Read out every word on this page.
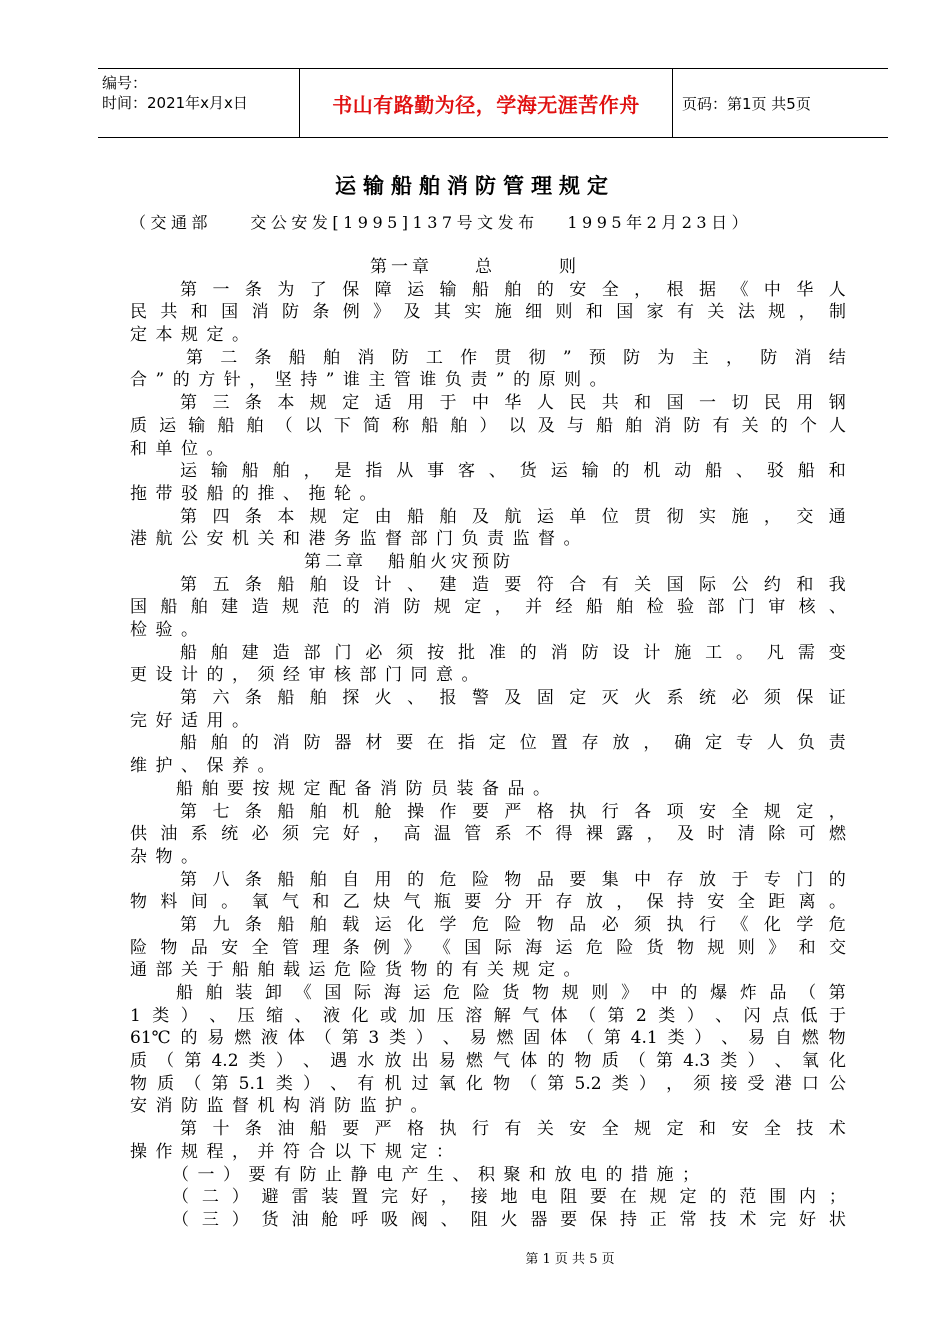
编号：
时间：2021年x月x日	书山有路勤为径，学海无涯苦作舟	页码：第1页 共5页
运输船舶消防管理规定
（交通部    交公安发[1995]137号文发布   1995年2月23日）
第一章　　总　　　则
第 一 条 为 了 保 障 运 输 船 舶 的 安 全 ， 根 据 《 中 华 人
民 共 和 国 消 防 条 例 》 及 其 实 施 细 则 和 国 家 有 关 法 规 ， 制
定本规定。
第 二 条 船 舶 消 防 工 作 贯 彻 ” 预 防 为 主 ， 防 消 结
合”的方针，坚持”谁主管谁负责”的原则。
第 三 条 本 规 定 适 用 于 中 华 人 民 共 和 国 一 切 民 用 钢
质 运 输 船 舶 （ 以 下 简 称 船 舶 ） 以 及 与 船 舶 消 防 有 关 的 个 人
和单位。
运 输 船 舶 ， 是 指 从 事 客 、 货 运 输 的 机 动 船 、 驳 船 和
拖带驳船的推、拖轮。
第 四 条 本 规 定 由 船 舶 及 航 运 单 位 贯 彻 实 施 ， 交 通
港航公安机关和港务监督部门负责监督。
第二章　船舶火灾预防
第 五 条 船 舶 设 计 、 建 造 要 符 合 有 关 国 际 公 约 和 我
国 船 舶 建 造 规 范 的 消 防 规 定 ， 并 经 船 舶 检 验 部 门 审 核 、
检验。
船 舶 建 造 部 门 必 须 按 批 准 的 消 防 设 计 施 工 。 凡 需 变
更设计的，须经审核部门同意。
第 六 条 船 舶 探 火 、 报 警 及 固 定 灭 火 系 统 必 须 保 证
完好适用。
船 舶 的 消 防 器 材 要 在 指 定 位 置 存 放 ， 确 定 专 人 负 责
维护、保养。
船舶要按规定配备消防员装备品。
第 七 条 船 舶 机 舱 操 作 要 严 格 执 行 各 项 安 全 规 定 ，
供 油 系 统 必 须 完 好 ， 高 温 管 系 不 得 裸 露 ， 及 时 清 除 可 燃
杂物。
第 八 条 船 舶 自 用 的 危 险 物 品 要 集 中 存 放 于 专 门 的
物 料 间 。 氧 气 和 乙 炔 气 瓶 要 分 开 存 放 ， 保 持 安 全 距 离 。
第 九 条 船 舶 载 运 化 学 危 险 物 品 必 须 执 行 《 化 学 危
险 物 品 安 全 管 理 条 例 》 《 国 际 海 运 危 险 货 物 规 则 》 和 交
通部关于船舶载运危险货物的有关规定。
船 舶 装 卸 《 国 际 海 运 危 险 货 物 规 则 》 中 的 爆 炸 品 （ 第
1 类 ） 、 压 缩 、 液 化 或 加 压 溶 解 气 体 （ 第 2 类 ） 、 闪 点 低 于
61℃ 的 易 燃 液 体 （ 第 3 类 ） 、 易 燃 固 体 （ 第 4.1 类 ） 、 易 自 燃 物
质 （ 第 4.2 类 ） 、 遇 水 放 出 易 燃 气 体 的 物 质 （ 第 4.3 类 ） 、 氧 化
物 质 （ 第 5.1 类 ） 、 有 机 过 氧 化 物 （ 第 5.2 类 ） ， 须 接 受 港 口 公
安消防监督机构消防监护。
第 十 条 油 船 要 严 格 执 行 有 关 安 全 规 定 和 安 全 技 术
操作规程，并符合以下规定：
（一）要有防止静电产生、积聚和放电的措施；
（ 二 ） 避 雷 装 置 完 好 ， 接 地 电 阻 要 在 规 定 的 范 围 内 ；
（ 三 ） 货 油 舱 呼 吸 阀 、 阻 火 器 要 保 持 正 常 技 术 完 好 状
第 1 页 共 5 页
